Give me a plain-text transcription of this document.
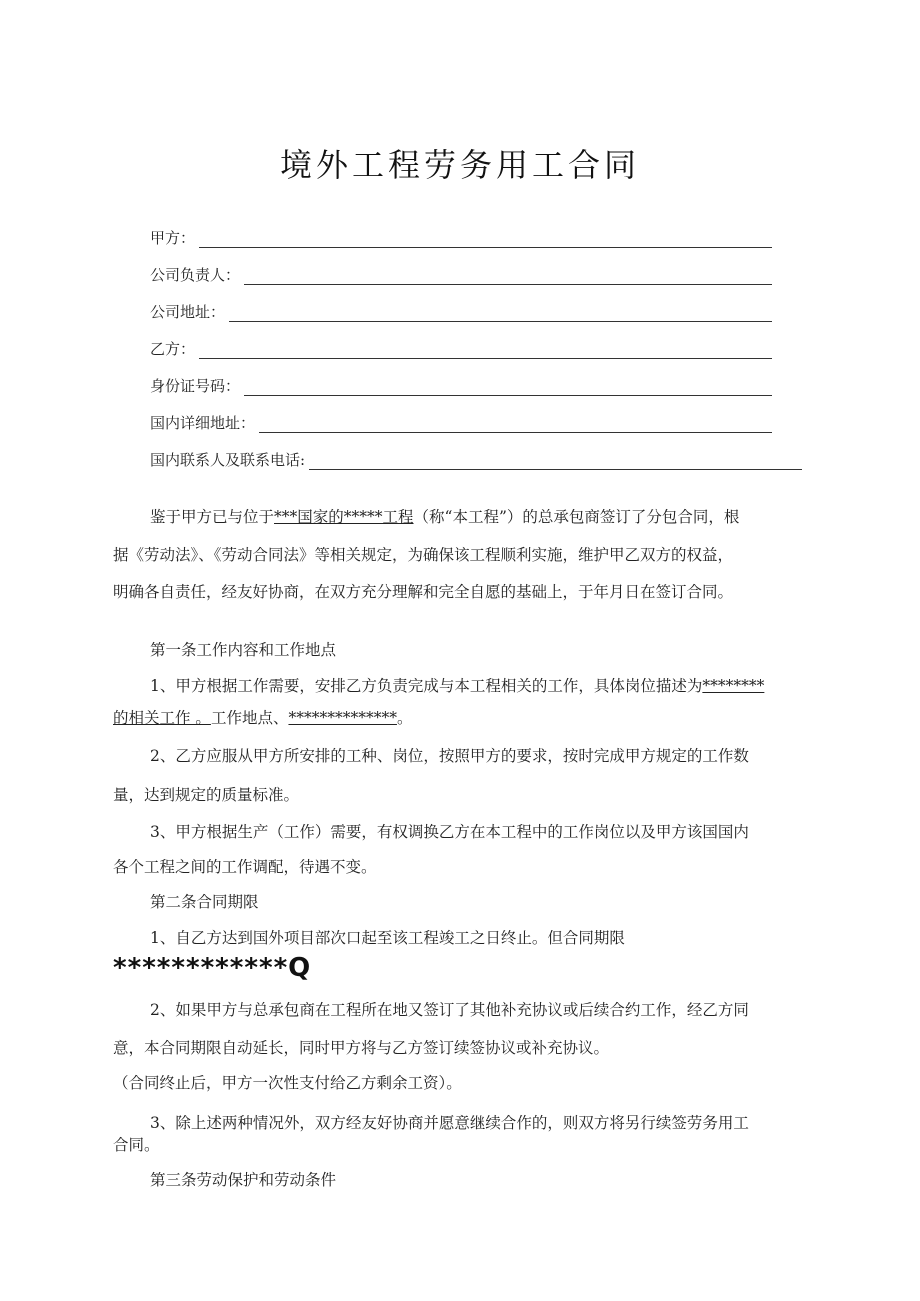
境外工程劳务用工合同
甲方：
公司负责人：
公司地址：
乙方：
身份证号码：
国内详细地址：
国内联系人及联系电话:
鉴于甲方已与位于***国家的*****工程（称“本工程”）的总承包商签订了分包合同，根
据《劳动法》、《劳动合同法》等相关规定，为确保该工程顺利实施，维护甲乙双方的权益，
明确各自责任，经友好协商，在双方充分理解和完全自愿的基础上，于年月日在签订合同。
第一条工作内容和工作地点
1、甲方根据工作需要，安排乙方负责完成与本工程相关的工作，具体岗位描述为********
的相关工作 。工作地点、**************。
2、乙方应服从甲方所安排的工种、岗位，按照甲方的要求，按时完成甲方规定的工作数
量，达到规定的质量标准。
3、甲方根据生产（工作）需要，有权调换乙方在本工程中的工作岗位以及甲方该国国内
各个工程之间的工作调配，待遇不变。
第二条合同期限
1、自乙方达到国外项目部次口起至该工程竣工之日终止。但合同期限
************Q
2、如果甲方与总承包商在工程所在地又签订了其他补充协议或后续合约工作，经乙方同
意，本合同期限自动延长，同时甲方将与乙方签订续签协议或补充协议。
（合同终止后，甲方一次性支付给乙方剩余工资）。
3、除上述两种情况外，双方经友好协商并愿意继续合作的，则双方将另行续签劳务用工
合同。
第三条劳动保护和劳动条件
